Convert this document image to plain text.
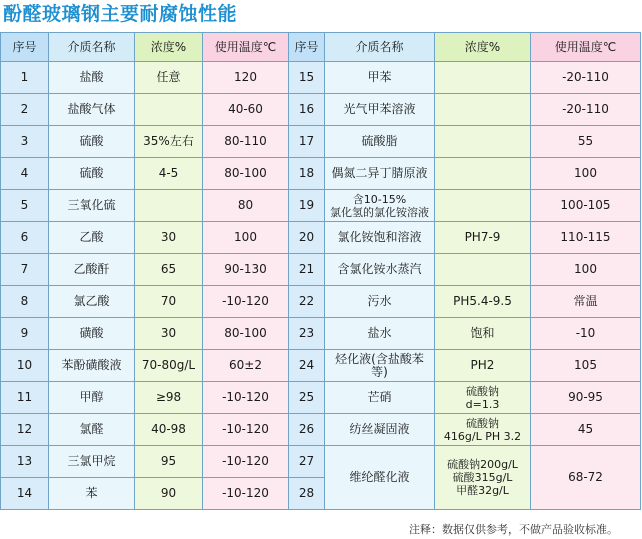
酚醛玻璃钢主要耐腐蚀性能
序号	介质名称	浓度%	使用温度℃	序号	介质名称	浓度%	使用温度℃
1	盐酸	任意	120	15	甲苯		-20-110
2	盐酸气体		40-60	16	光气甲苯溶液		-20-110
3	硫酸	35%左右	80-110	17	硫酸脂		55
4	硫酸	4-5	80-100	18	偶氮二异丁腈原液		100
5	三氧化硫		80	19	含10-15%
氯化氢的氯化铵溶液		100-105
6	乙酸	30	100	20	氯化铵饱和溶液	PH7-9	110-115
7	乙酸酐	65	90-130	21	含氯化铵水蒸汽		100
8	氯乙酸	70	-10-120	22	污水	PH5.4-9.5	常温
9	磺酸	30	80-100	23	盐水	饱和	-10
10	苯酚磺酸液	70-80g/L	60±2	24	烃化液(含盐酸苯等)	PH2	105
11	甲醇	≥98	-10-120	25	芒硝	硫酸钠
d=1.3	90-95
12	氯醛	40-98	-10-120	26	纺丝凝固液	硫酸钠
416g/L PH 3.2	45
13	三氯甲烷	95	-10-120	27	维纶醛化液	硫酸钠200g/L
硫酸315g/L
甲醛32g/L	68-72
14	苯	90	-10-120	28			
注释：数据仅供参考，不做产品验收标准。
